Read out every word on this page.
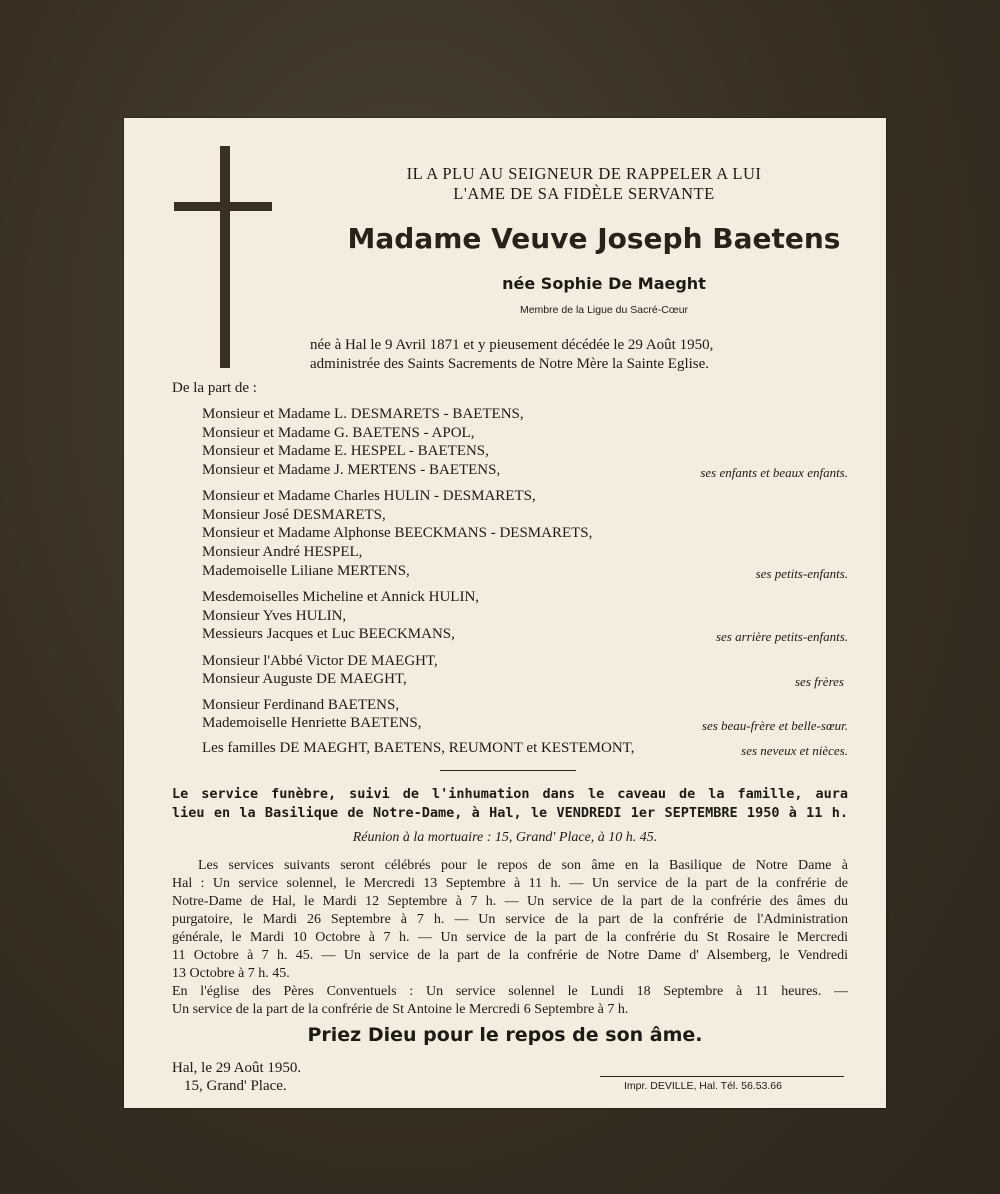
IL A PLU AU SEIGNEUR DE RAPPELER A LUI
L'AME DE SA FIDÈLE SERVANTE
Madame Veuve Joseph Baetens
née Sophie De Maeght
Membre de la Ligue du Sacré-Cœur
née à Hal le 9 Avril 1871 et y pieusement décédée le 29 Août 1950,
administrée des Saints Sacrements de Notre Mère la Sainte Eglise.
De la part de :
Monsieur et Madame L. DESMARETS - BAETENS,
Monsieur et Madame G. BAETENS - APOL,
Monsieur et Madame E. HESPEL - BAETENS,
Monsieur et Madame J. MERTENS - BAETENS,	ses enfants et beaux enfants.
Monsieur et Madame Charles HULIN - DESMARETS,
Monsieur José DESMARETS,
Monsieur et Madame Alphonse BEECKMANS - DESMARETS,
Monsieur André HESPEL,
Mademoiselle Liliane MERTENS,	ses petits-enfants.
Mesdemoiselles Micheline et Annick HULIN,
Monsieur Yves HULIN,
Messieurs Jacques et Luc BEECKMANS,	ses arrière petits-enfants.
Monsieur l'Abbé Victor DE MAEGHT,
Monsieur Auguste DE MAEGHT,	ses frères
Monsieur Ferdinand BAETENS,
Mademoiselle Henriette BAETENS,	ses beau-frère et belle-sœur.
Les familles DE MAEGHT, BAETENS, REUMONT et KESTEMONT,	ses neveux et nièces.
Le service funèbre, suivi de l'inhumation dans le caveau de la famille, aura
lieu en la Basilique de Notre-Dame, à Hal, le VENDREDI 1er SEPTEMBRE 1950 à 11 h.
Réunion à la mortuaire : 15, Grand' Place, à 10 h. 45.
Les services suivants seront célébrés pour le repos de son âme en la Basilique de Notre Dame à
Hal : Un service solennel, le Mercredi 13 Septembre à 11 h. — Un service de la part de la confrérie de
Notre-Dame de Hal, le Mardi 12 Septembre à 7 h. — Un service de la part de la confrérie des âmes du
purgatoire, le Mardi 26 Septembre à 7 h. — Un service de la part de la confrérie de l'Administration
générale, le Mardi 10 Octobre à 7 h. — Un service de la part de la confrérie du St Rosaire le Mercredi
11 Octobre à 7 h. 45. — Un service de la part de la confrérie de Notre Dame d' Alsemberg, le Vendredi
13 Octobre à 7 h. 45.
En l'église des Pères Conventuels : Un service solennel le Lundi 18 Septembre à 11 heures. —
Un service de la part de la confrérie de St Antoine le Mercredi 6 Septembre à 7 h.
Priez Dieu pour le repos de son âme.
Hal, le 29 Août 1950.
15, Grand' Place.	Impr. DEVILLE, Hal. Tél. 56.53.66
